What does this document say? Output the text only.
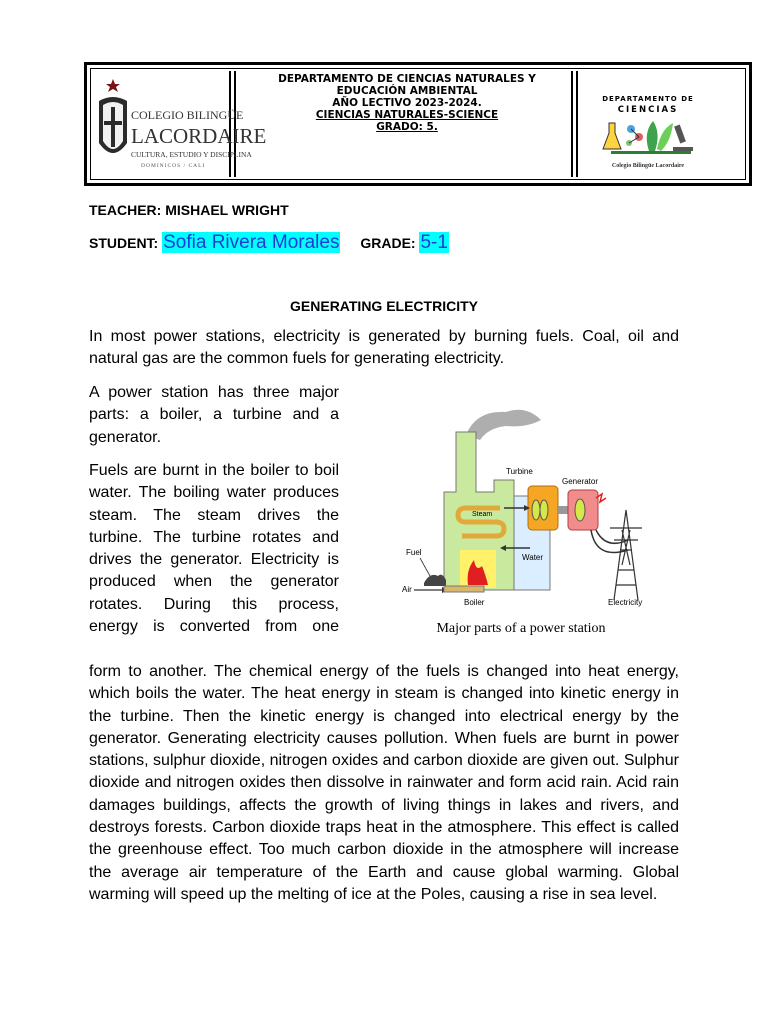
COLEGIO BILINGÜE
LACORDAIRE
CULTURA, ESTUDIO Y DISCIPLINA
DOMINICOS / CALI
DEPARTAMENTO DE CIENCIAS NATURALES Y
EDUCACIÓN AMBIENTAL
AÑO LECTIVO 2023-2024.
CIENCIAS NATURALES-SCIENCE
GRADO: 5.
DEPARTAMENTO DE
CIENCIAS
Colegio Bilingüe Lacordaire
TEACHER: MISHAEL WRIGHT
STUDENT: Sofia Rivera Morales GRADE: 5-1
GENERATING ELECTRICITY

In most power stations, electricity is generated by burning fuels. Coal, oil and natural gas are the common fuels for generating electricity.

A power station has three major parts: a boiler, a turbine and a generator.

Fuels are burnt in the boiler to boil water. The boiling water produces steam. The steam drives the turbine. The turbine rotates and drives the generator. Electricity is produced when the generator rotates. During this process, energy is converted from one

form to another. The chemical energy of the fuels is changed into heat energy, which boils the water. The heat energy in steam is changed into kinetic energy in the turbine. Then the kinetic energy is changed into electrical energy by the generator. Generating electricity causes pollution. When fuels are burnt in power stations, sulphur dioxide, nitrogen oxides and carbon dioxide are given out. Sulphur dioxide and nitrogen oxides then dissolve in rainwater and form acid rain. Acid rain damages buildings, affects the growth of living things in lakes and rivers, and destroys forests. Carbon dioxide traps heat in the atmosphere. This effect is called the greenhouse effect. Too much carbon dioxide in the atmosphere will increase the average air temperature of the Earth and cause global warming. Global warming will speed up the melting of ice at the Poles, causing a rise in sea level.

Turbine
Generator
Steam
Water
Fuel
Air
Boiler	Electricity
Major parts of a power station
